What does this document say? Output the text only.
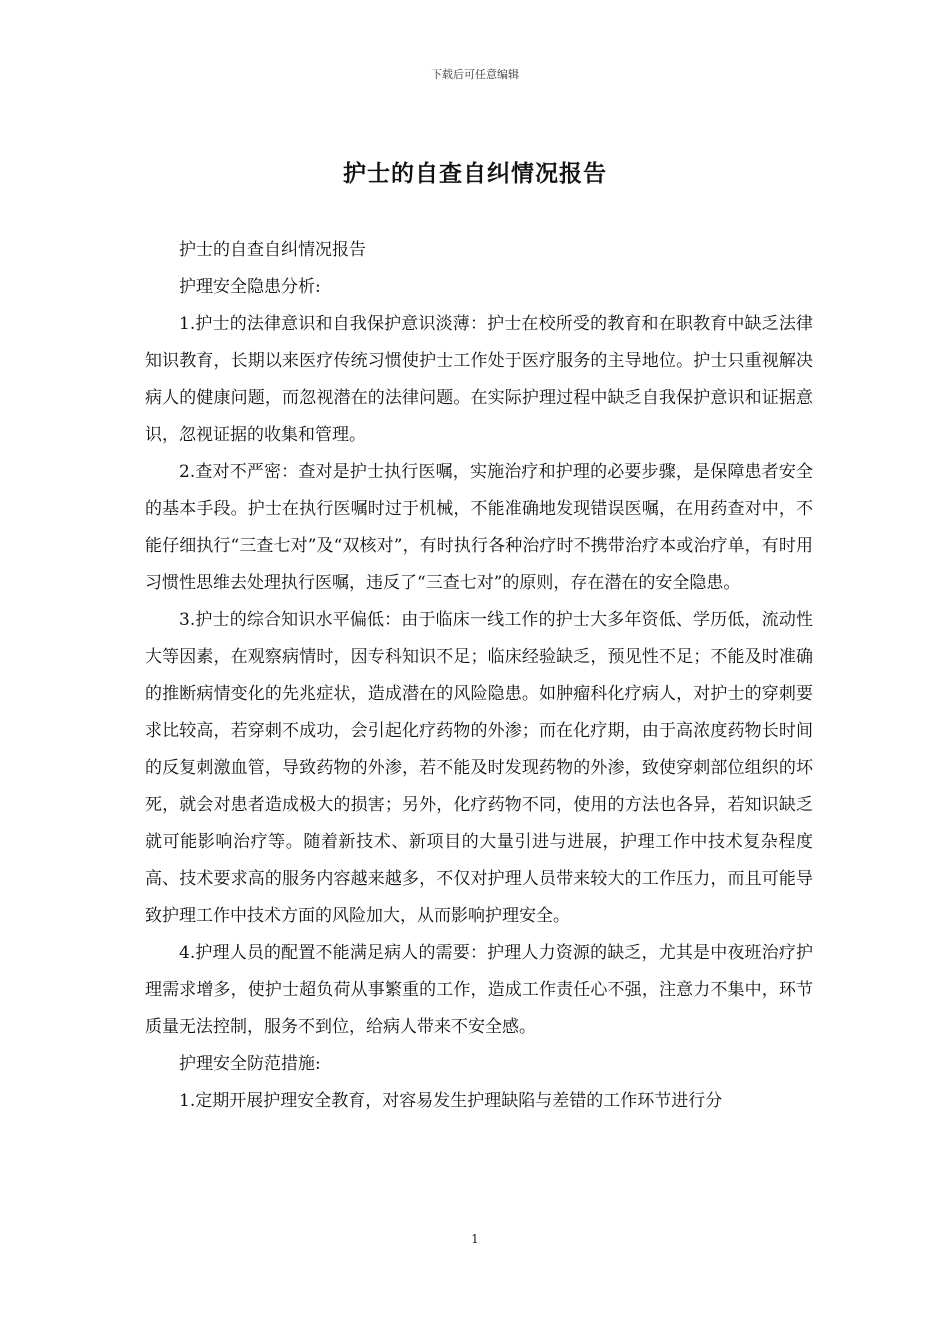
下载后可任意编辑
护士的自查自纠情况报告

护士的自查自纠情况报告

护理安全隐患分析:

1.护士的法律意识和自我保护意识淡薄：护士在校所受的教育和在职教育中缺乏法律知识教育，长期以来医疗传统习惯使护士工作处于医疗服务的主导地位。护士只重视解决病人的健康问题，而忽视潜在的法律问题。在实际护理过程中缺乏自我保护意识和证据意识，忽视证据的收集和管理。

2.查对不严密：查对是护士执行医嘱，实施治疗和护理的必要步骤，是保障患者安全的基本手段。护士在执行医嘱时过于机械，不能准确地发现错误医嘱，在用药查对中，不能仔细执行“三查七对”及“双核对”，有时执行各种治疗时不携带治疗本或治疗单，有时用习惯性思维去处理执行医嘱，违反了“三查七对”的原则，存在潜在的安全隐患。

3.护士的综合知识水平偏低：由于临床一线工作的护士大多年资低、学历低，流动性大等因素，在观察病情时，因专科知识不足；临床经验缺乏，预见性不足；不能及时准确的推断病情变化的先兆症状，造成潜在的风险隐患。如肿瘤科化疗病人，对护士的穿刺要求比较高，若穿刺不成功，会引起化疗药物的外渗；而在化疗期，由于高浓度药物长时间的反复刺激血管，导致药物的外渗，若不能及时发现药物的外渗，致使穿刺部位组织的坏死，就会对患者造成极大的损害；另外，化疗药物不同，使用的方法也各异，若知识缺乏就可能影响治疗等。随着新技术、新项目的大量引进与进展，护理工作中技术复杂程度高、技术要求高的服务内容越来越多，不仅对护理人员带来较大的工作压力，而且可能导致护理工作中技术方面的风险加大，从而影响护理安全。

4.护理人员的配置不能满足病人的需要：护理人力资源的缺乏，尤其是中夜班治疗护理需求增多，使护士超负荷从事繁重的工作，造成工作责任心不强，注意力不集中，环节质量无法控制，服务不到位，给病人带来不安全感。

护理安全防范措施:

1.定期开展护理安全教育，对容易发生护理缺陷与差错的工作环节进行分

1
